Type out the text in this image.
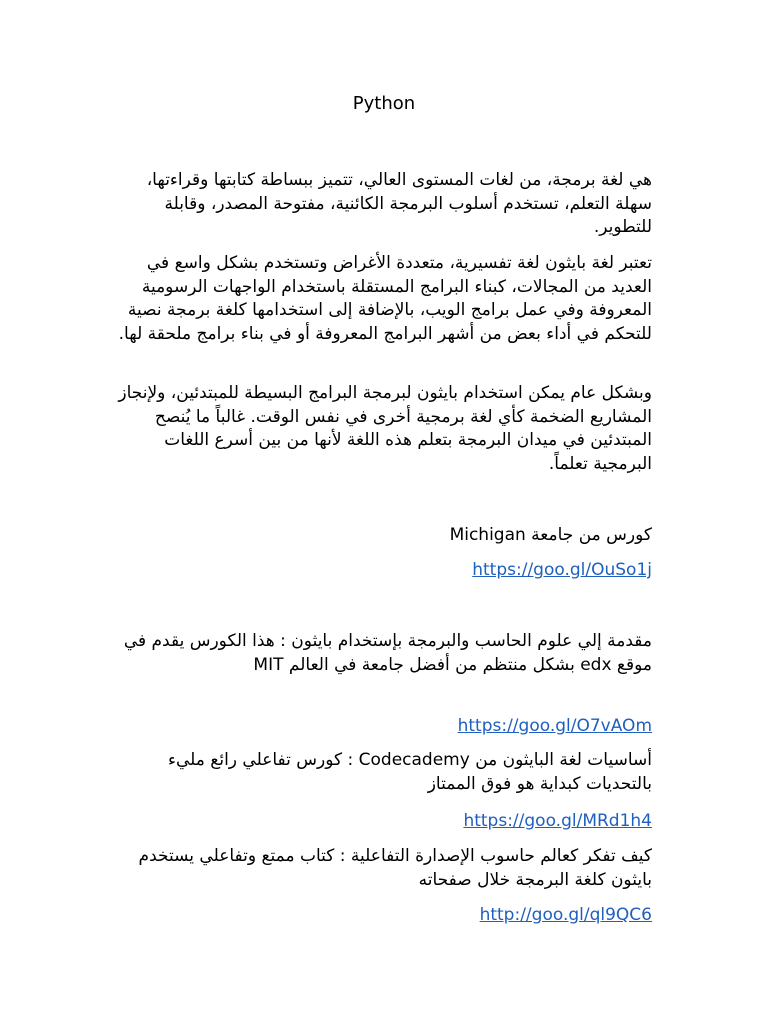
Python

هي لغة برمجة، من لغات المستوى العالي، تتميز ببساطة كتابتها وقراءتها، سهلة التعلم، تستخدم أسلوب البرمجة الكائنية، مفتوحة المصدر، وقابلة للتطوير.

تعتبر لغة بايثون لغة تفسيرية، متعددة الأغراض وتستخدم بشكل واسع في العديد من المجالات، كبناء البرامج المستقلة باستخدام الواجهات الرسومية المعروفة وفي عمل برامج الويب، بالإضافة إلى استخدامها كلغة برمجة نصية للتحكم في أداء بعض من أشهر البرامج المعروفة أو في بناء برامج ملحقة لها.

وبشكل عام يمكن استخدام بايثون لبرمجة البرامج البسيطة للمبتدئين، ولإنجاز المشاريع الضخمة كأي لغة برمجية أخرى في نفس الوقت. غالباً ما يُنصح المبتدئين في ميدان البرمجة بتعلم هذه اللغة لأنها من بين أسرع اللغات البرمجية تعلماً.

كورس من جامعة Michigan

https://goo.gl/OuSo1j

مقدمة إلي علوم الحاسب والبرمجة بإستخدام بايثون : هذا الكورس يقدم في موقع edx بشكل منتظم من أفضل جامعة في العالم MIT

https://goo.gl/O7vAOm

أساسيات لغة البايثون من Codecademy : كورس تفاعلي رائع مليء بالتحديات كبداية هو فوق الممتاز

https://goo.gl/MRd1h4

كيف تفكر كعالم حاسوب الإصدارة التفاعلية : كتاب ممتع وتفاعلي يستخدم بايثون كلغة البرمجة خلال صفحاته

http://goo.gl/ql9QC6
